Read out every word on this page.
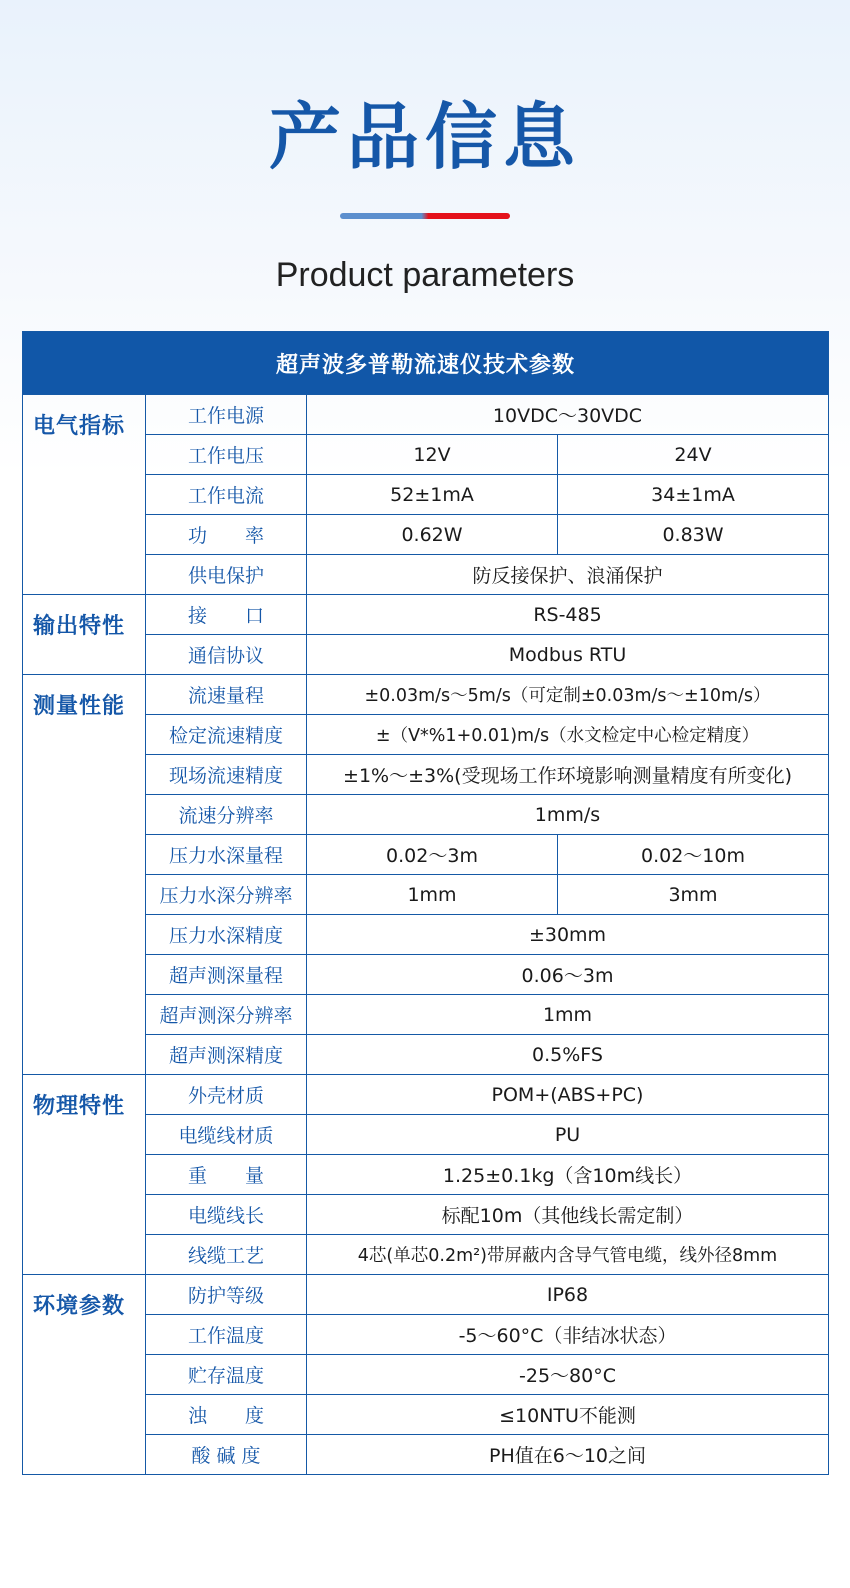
产品信息
Product parameters
超声波多普勒流速仪技术参数			
电气指标	工作电源	10VDC～30VDC	
	工作电压	12V	24V
	工作电流	52±1mA	34±1mA
	功　　率	0.62W	0.83W
	供电保护	防反接保护、浪涌保护	
输出特性	接　　口	RS-485	
	通信协议	Modbus RTU	
测量性能	流速量程	±0.03m/s～5m/s（可定制±0.03m/s～±10m/s）	
	检定流速精度	±（V*%1+0.01)m/s（水文检定中心检定精度）	
	现场流速精度	±1%～±3%(受现场工作环境影响测量精度有所变化)	
	流速分辨率	1mm/s	
	压力水深量程	0.02～3m	0.02～10m
	压力水深分辨率	1mm	3mm
	压力水深精度	±30mm	
	超声测深量程	0.06～3m	
	超声测深分辨率	1mm	
	超声测深精度	0.5%FS	
物理特性	外壳材质	POM+(ABS+PC)	
	电缆线材质	PU	
	重　　量	1.25±0.1kg（含10m线长）	
	电缆线长	标配10m（其他线长需定制）	
	线缆工艺	4芯(单芯0.2m²)带屏蔽内含导气管电缆，线外径8mm	
环境参数	防护等级	IP68	
	工作温度	-5～60°C（非结冰状态）	
	贮存温度	-25～80°C	
	浊　　度	≤10NTU不能测	
	酸 碱 度	PH值在6～10之间	
